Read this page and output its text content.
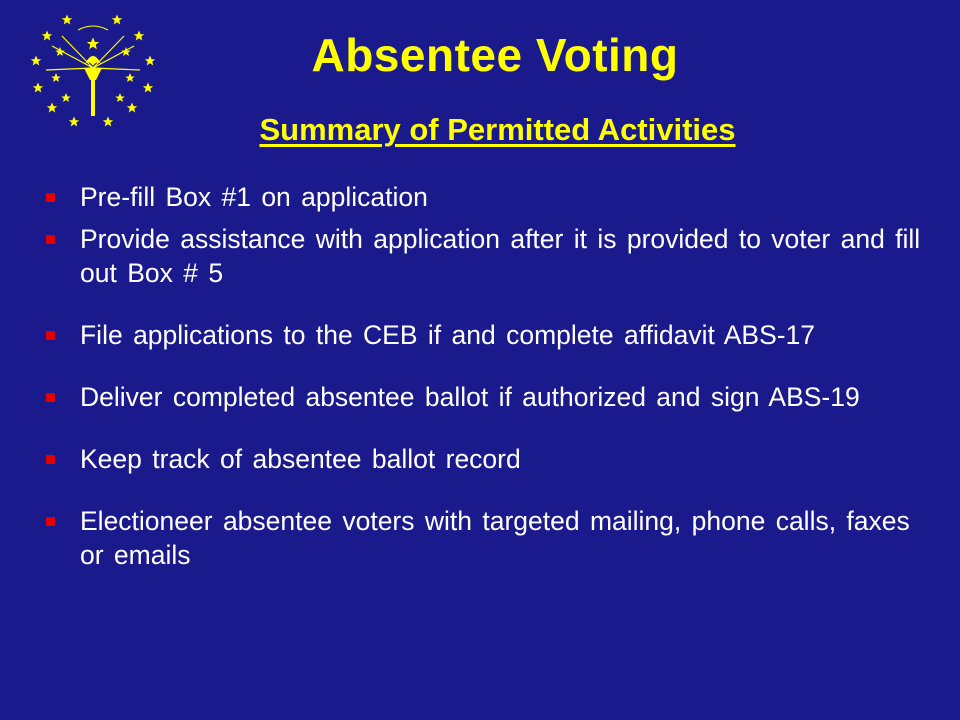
Absentee Voting
Summary of Permitted Activities
Pre-fill Box #1 on application
Provide assistance with application after it is provided to voter and fill out Box # 5
File applications to the CEB if and complete affidavit ABS-17
Deliver completed absentee ballot if authorized and sign ABS-19
Keep track of absentee ballot record
Electioneer absentee voters with targeted mailing, phone calls, faxes or emails
